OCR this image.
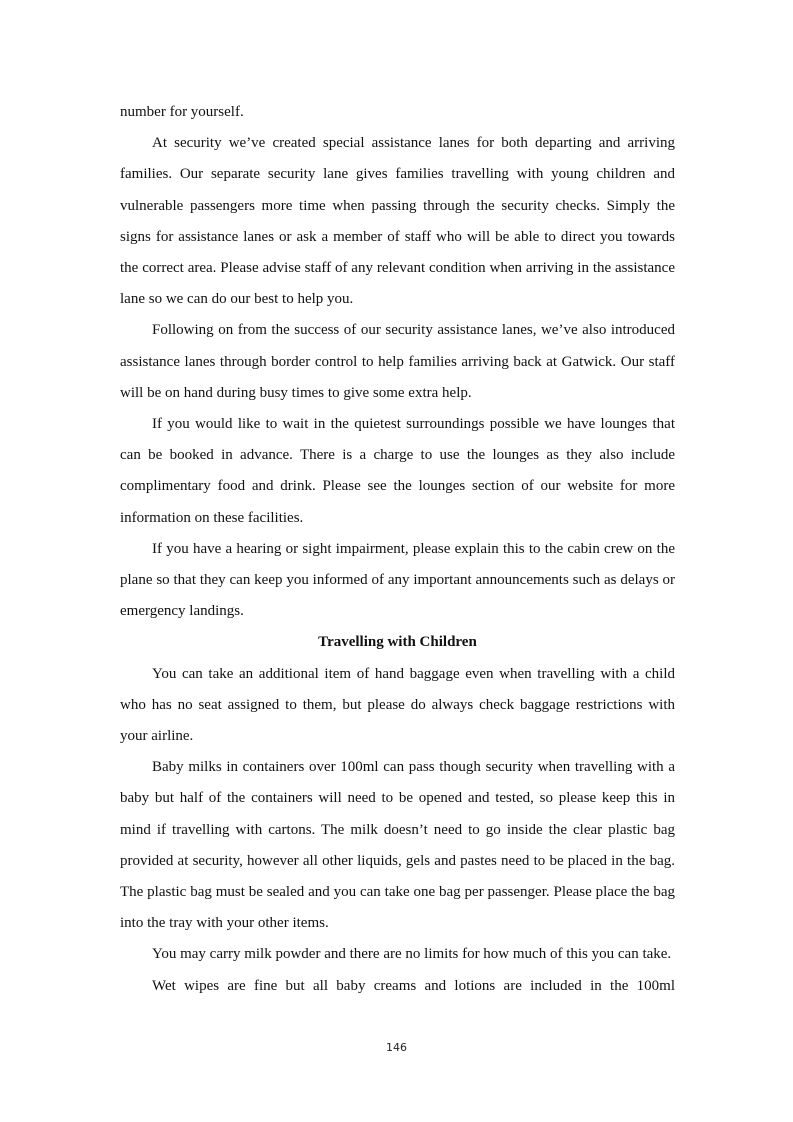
number for yourself.

At security we’ve created special assistance lanes for both departing and arriving families. Our separate security lane gives families travelling with young children and vulnerable passengers more time when passing through the security checks. Simply the signs for assistance lanes or ask a member of staff who will be able to direct you towards the correct area. Please advise staff of any relevant condition when arriving in the assistance lane so we can do our best to help you.

Following on from the success of our security assistance lanes, we’ve also introduced assistance lanes through border control to help families arriving back at Gatwick. Our staff will be on hand during busy times to give some extra help.

If you would like to wait in the quietest surroundings possible we have lounges that can be booked in advance. There is a charge to use the lounges as they also include complimentary food and drink. Please see the lounges section of our website for more information on these facilities.

If you have a hearing or sight impairment, please explain this to the cabin crew on the plane so that they can keep you informed of any important announcements such as delays or emergency landings.

Travelling with Children

You can take an additional item of hand baggage even when travelling with a child who has no seat assigned to them, but please do always check baggage restrictions with your airline.

Baby milks in containers over 100ml can pass though security when travelling with a baby but half of the containers will need to be opened and tested, so please keep this in mind if travelling with cartons. The milk doesn’t need to go inside the clear plastic bag provided at security, however all other liquids, gels and pastes need to be placed in the bag. The plastic bag must be sealed and you can take one bag per passenger. Please place the bag into the tray with your other items.

You may carry milk powder and there are no limits for how much of this you can take.

Wet wipes are fine but all baby creams and lotions are included in the 100ml

146
